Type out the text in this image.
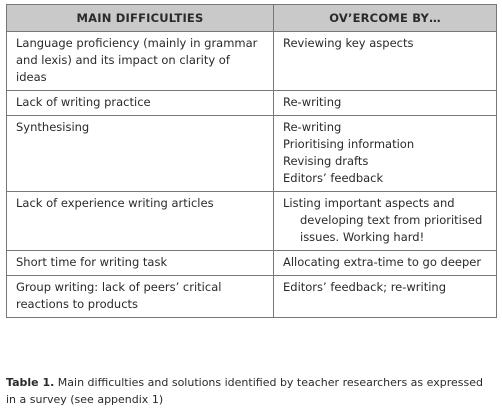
MAIN DIFFICULTIES	OV’ERCOME BY…

Language proficiency (mainly in grammar
and lexis) and its impact on clarity of ideas	Reviewing key aspects

Lack of writing practice	Re-writing

Synthesising	Re-writing
Prioritising information
Revising drafts
Editors’ feedback

Lack of experience writing articles	Listing important aspects and developing text from prioritised issues. Working hard!

Short time for writing task	Allocating extra-time to go deeper

Group writing: lack of peers’ critical
reactions to products	Editors’ feedback; re-writing
Table 1. Main difficulties and solutions identified by teacher researchers as expressed in a survey (see appendix 1)
